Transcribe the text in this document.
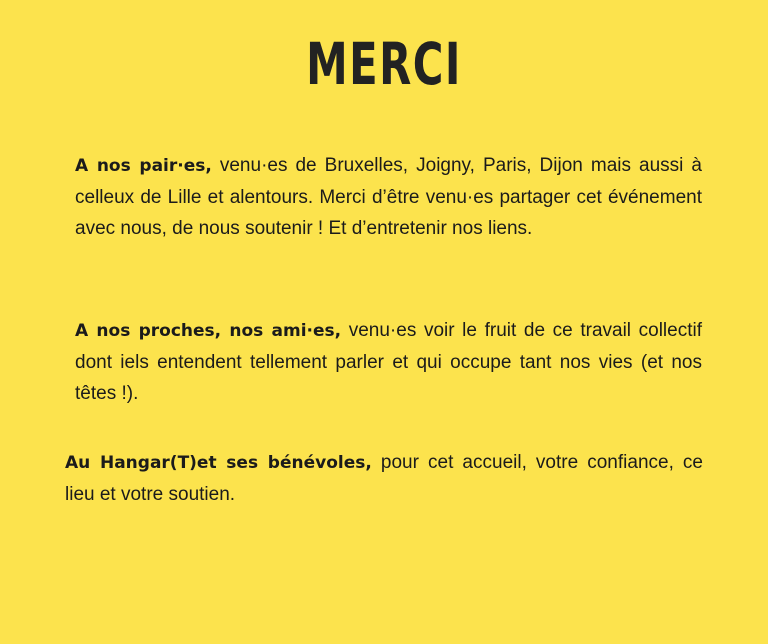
MERCI

A nos pair·es, venu·es de Bruxelles, Joigny, Paris, Dijon mais aussi à celleux de Lille et alentours. Merci d’être venu·es partager cet événement avec nous, de nous soutenir ! Et d’entretenir nos liens.

A nos proches, nos ami·es, venu·es voir le fruit de ce travail collectif dont iels entendent tellement parler et qui occupe tant nos vies (et nos têtes !).

Au Hangar(T)et ses bénévoles, pour cet accueil, votre confiance, ce lieu et votre soutien.
